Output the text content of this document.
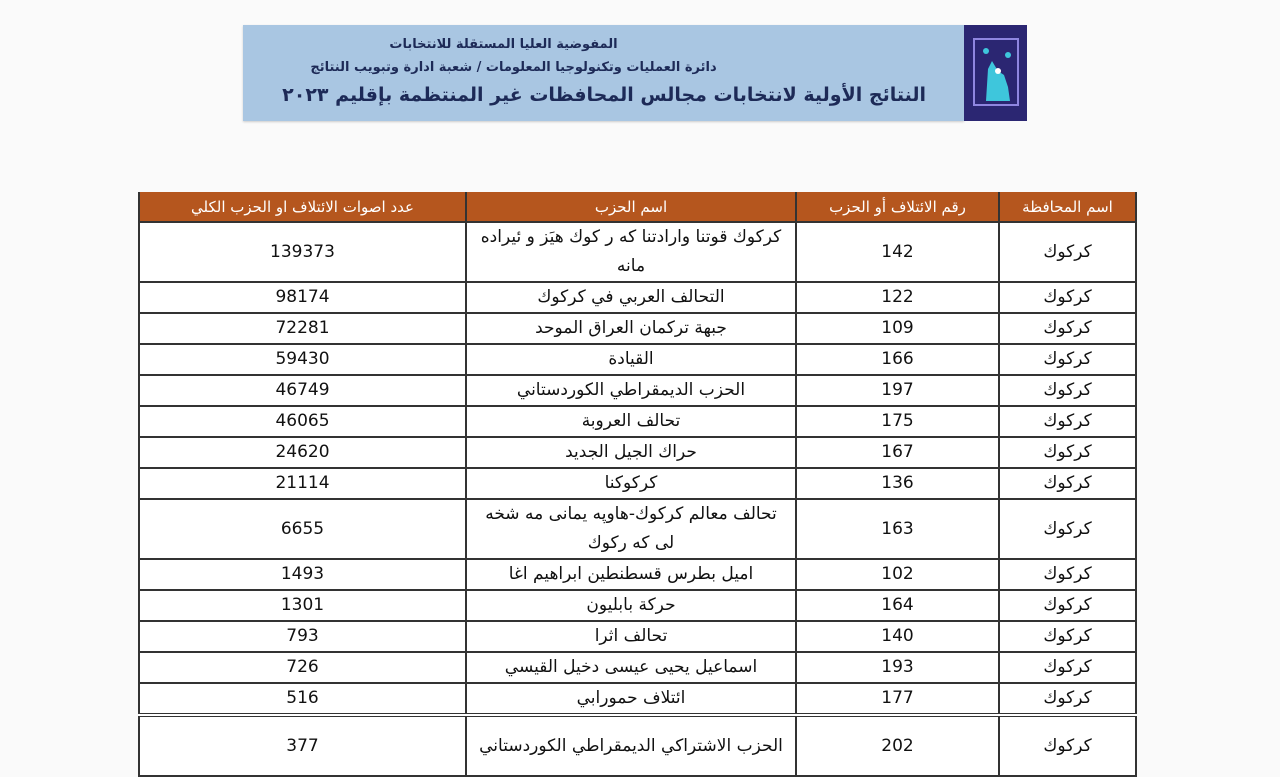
المفوضية العليا المستقلة للانتخابات
دائرة العمليات وتكنولوجيا المعلومات / شعبة ادارة وتبويب النتائج
النتائج الأولية لانتخابات مجالس المحافظات غير المنتظمة بإقليم ٢٠٢٣
اسم المحافظة	رقم الائتلاف أو الحزب	اسم الحزب	عدد اصوات الائتلاف او الحزب الكلي
كركوك	142	كركوك قوتنا وارادتنا كه ر كوك هيَز و ئيراده مانه	139373
كركوك	122	التحالف العربي في كركوك	98174
كركوك	109	جبهة تركمان العراق الموحد	72281
كركوك	166	القيادة	59430
كركوك	197	الحزب الديمقراطي الكوردستاني	46749
كركوك	175	تحالف العروبة	46065
كركوك	167	حراك الجيل الجديد	24620
كركوك	136	كركوكنا	21114
كركوك	163	تحالف معالم كركوك-هاوپه يمانى مه شخه لى كه ركوك	6655
كركوك	102	اميل بطرس قسطنطين ابراهيم اغا	1493
كركوك	164	حركة بابليون	1301
كركوك	140	تحالف اثرا	793
كركوك	193	اسماعيل يحيى عيسى دخيل القيسي	726
كركوك	177	ائتلاف حمورابي	516
كركوك	202	الحزب الاشتراكي الديمقراطي الكوردستاني	377
